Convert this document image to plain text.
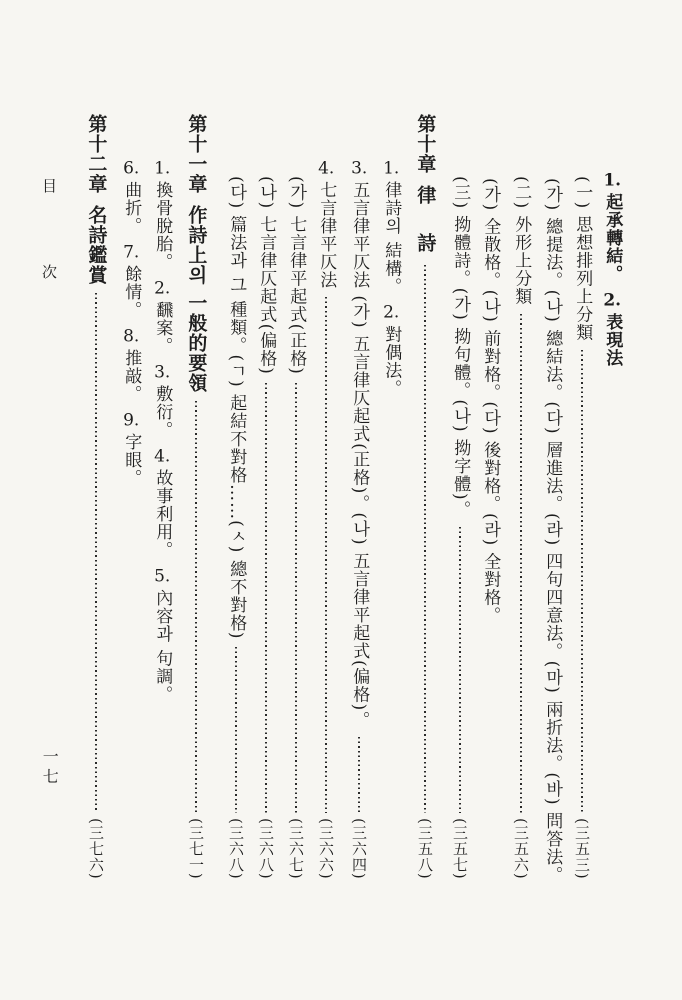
目　次	1.起承轉結。2.表現法
(一) 思想排列上分類
(三五三)
(가) 總提法。(나) 總結法。(다) 層進法。(라) 四句四意法。(마) 兩折法。(바) 問答法。
(二) 外形上分類
(三五六)
(가) 全散格。(나) 前對格。(다) 後對格。(라) 全對格。
(三) 拗體詩。(가) 拗句體。(나) 拗字體)。
(三五七)
第十章
律　詩
(三五八)
1.律詩의 結構。2.對偶法。
3.五言律平仄法 (가) 五言律仄起式(正格)。(나) 五言律平起式(偏格)。
(三六四)
4.七言律平仄法
(三六六)
(가) 七言律平起式(正格)
(三六七)
(나) 七言律仄起式(偏格)
(三六八)
(다) 篇法과 그 種類。(ㄱ) 起結不對格……(ㅅ) 總不對格)
(三六八)
第十一章
作詩上의 一般的要領
(三七一)
1.換骨脫胎。2.飜案。3.敷衍。4.故事利用。5.內容과 句調。
6.曲折。7.餘情。8.推敲。9.字眼。
第十二章
名詩鑑賞
(三七六)
一七
